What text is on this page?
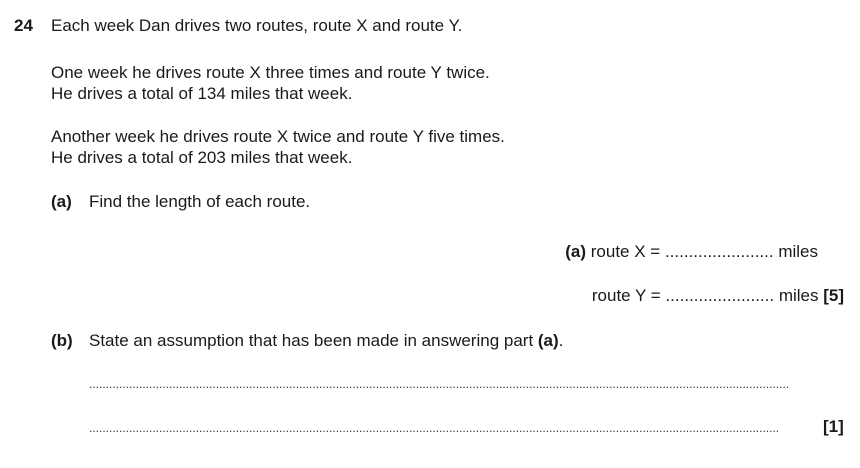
24 Each week Dan drives two routes, route X and route Y.
One week he drives route X three times and route Y twice.
He drives a total of 134 miles that week.
Another week he drives route X twice and route Y five times.
He drives a total of 203 miles that week.
(a) Find the length of each route.
(a) route X = ....................... miles
route Y = ....................... miles [5]
(b) State an assumption that has been made in answering part (a).
..................................................................................................................................................................................................................
...............................................................................................................................................................................................................	[1]
